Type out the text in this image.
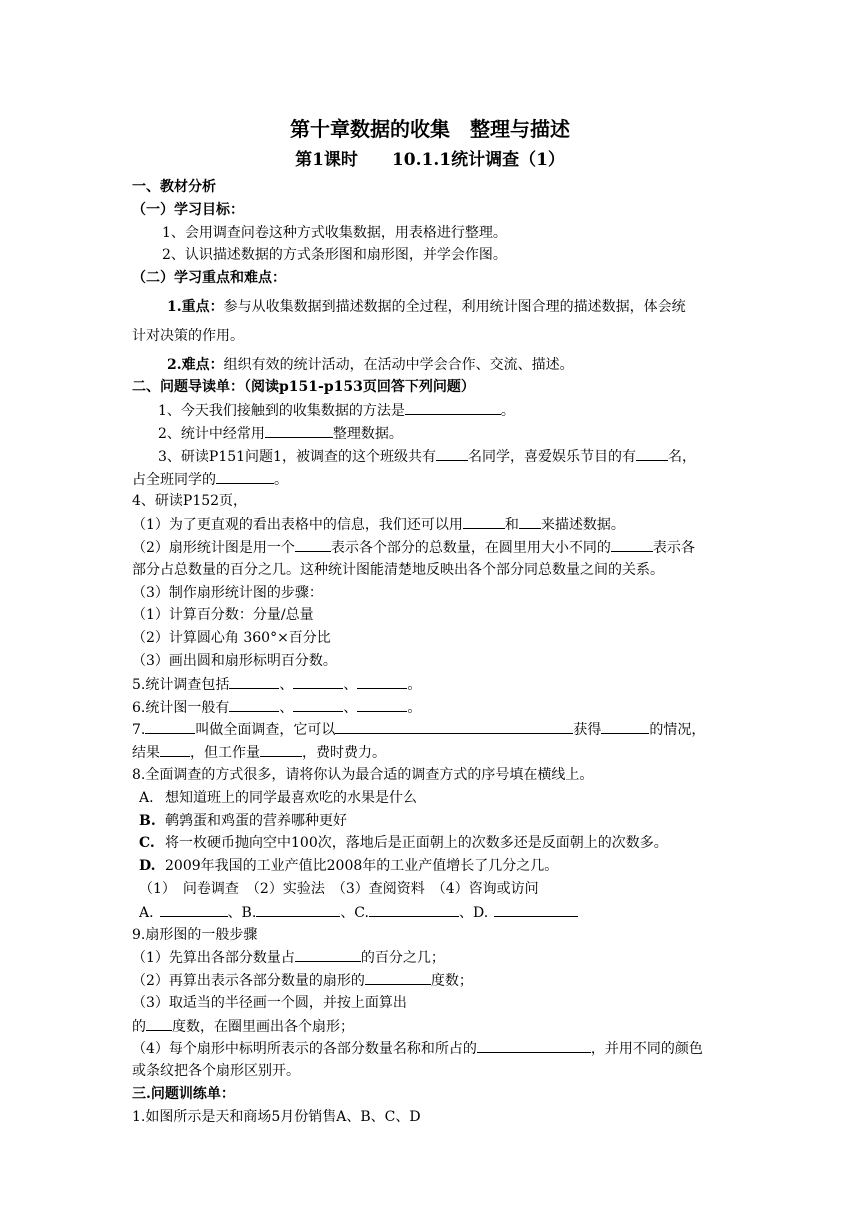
第十章数据的收集　整理与描述
第1课时　　10.1.1统计调查（1）
一、教材分析
（一）学习目标：
1、会用调查问卷这种方式收集数据，用表格进行整理。
2、认识描述数据的方式条形图和扇形图，并学会作图。
（二）学习重点和难点：
1.重点：参与从收集数据到描述数据的全过程，利用统计图合理的描述数据，体会统
计对决策的作用。
2.难点：组织有效的统计活动，在活动中学会合作、交流、描述。
二、问题导读单：（阅读p151-p153页回答下列问题）
1、今天我们接触到的收集数据的方法是	。
2、统计中经常用	整理数据。
3、研读P151问题1，被调查的这个班级共有 名同学，喜爱娱乐节目的有 名，
占全班同学的	。
4、研读P152页，
（1）为了更直观的看出表格中的信息，我们还可以用	和 来描述数据。
（2）扇形统计图是用一个	表示各个部分的总数量，在圆里用大小不同的	表示各
部分占总数量的百分之几。这种统计图能清楚地反映出各个部分同总数量之间的关系。
（3）制作扇形统计图的步骤：
（1）计算百分数：分量/总量
（2）计算圆心角 360°×百分比
（3）画出圆和扇形标明百分数。
5.统计调查包括	、	、	。
6.统计图一般有	、	、	。
7.	叫做全面调查，它可以	获得	的情况，
结果 ，但工作量	，费时费力。
8.全面调查的方式很多，请将你认为最合适的调查方式的序号填在横线上。
A. 想知道班上的同学最喜欢吃的水果是什么
B. 鹌鹑蛋和鸡蛋的营养哪种更好
C. 将一枚硬币抛向空中100次，落地后是正面朝上的次数多还是反面朝上的次数多。
D. 2009年我国的工业产值比2008年的工业产值增长了几分之几。
（1）　问卷调查　（2）实验法　（3）查阅资料　（4）咨询或访问
A.	、B.	、C.	、D.
9.扇形图的一般步骤
（1）先算出各部分数量占	的百分之几；
（2）再算出表示各部分数量的扇形的	度数；
（3）取适当的半径画一个圆，并按上面算出
的 度数，在圈里画出各个扇形；
（4）每个扇形中标明所表示的各部分数量名称和所占的	，并用不同的颜色
或条纹把各个扇形区别开。
三.问题训练单：
1.如图所示是天和商场5月份销售A、B、C、D
